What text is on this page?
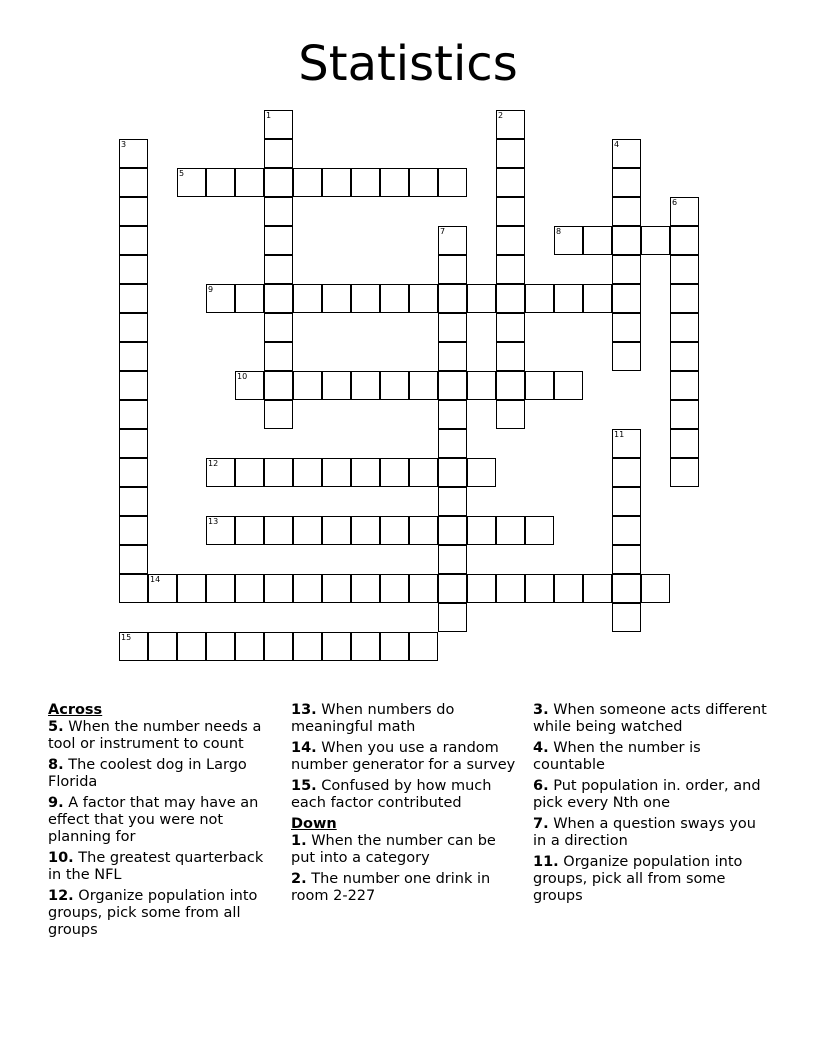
Statistics
1	2
3	4
5
6
7	8
9
10
11
12
13
14
15
Across
5. When the number needs a tool or instrument to count
8. The coolest dog in Largo Florida
9. A factor that may have an effect that you were not planning for
10. The greatest quarterback in the NFL
12. Organize population into groups, pick some from all groups
13. When numbers do meaningful math
14. When you use a random number generator for a survey
15. Confused by how much each factor contributed
Down
1. When the number can be put into a category
2. The number one drink in room 2-227
3. When someone acts different while being watched
4. When the number is countable
6. Put population in. order, and pick every Nth one
7. When a question sways you in a direction
11. Organize population into groups, pick all from some groups
